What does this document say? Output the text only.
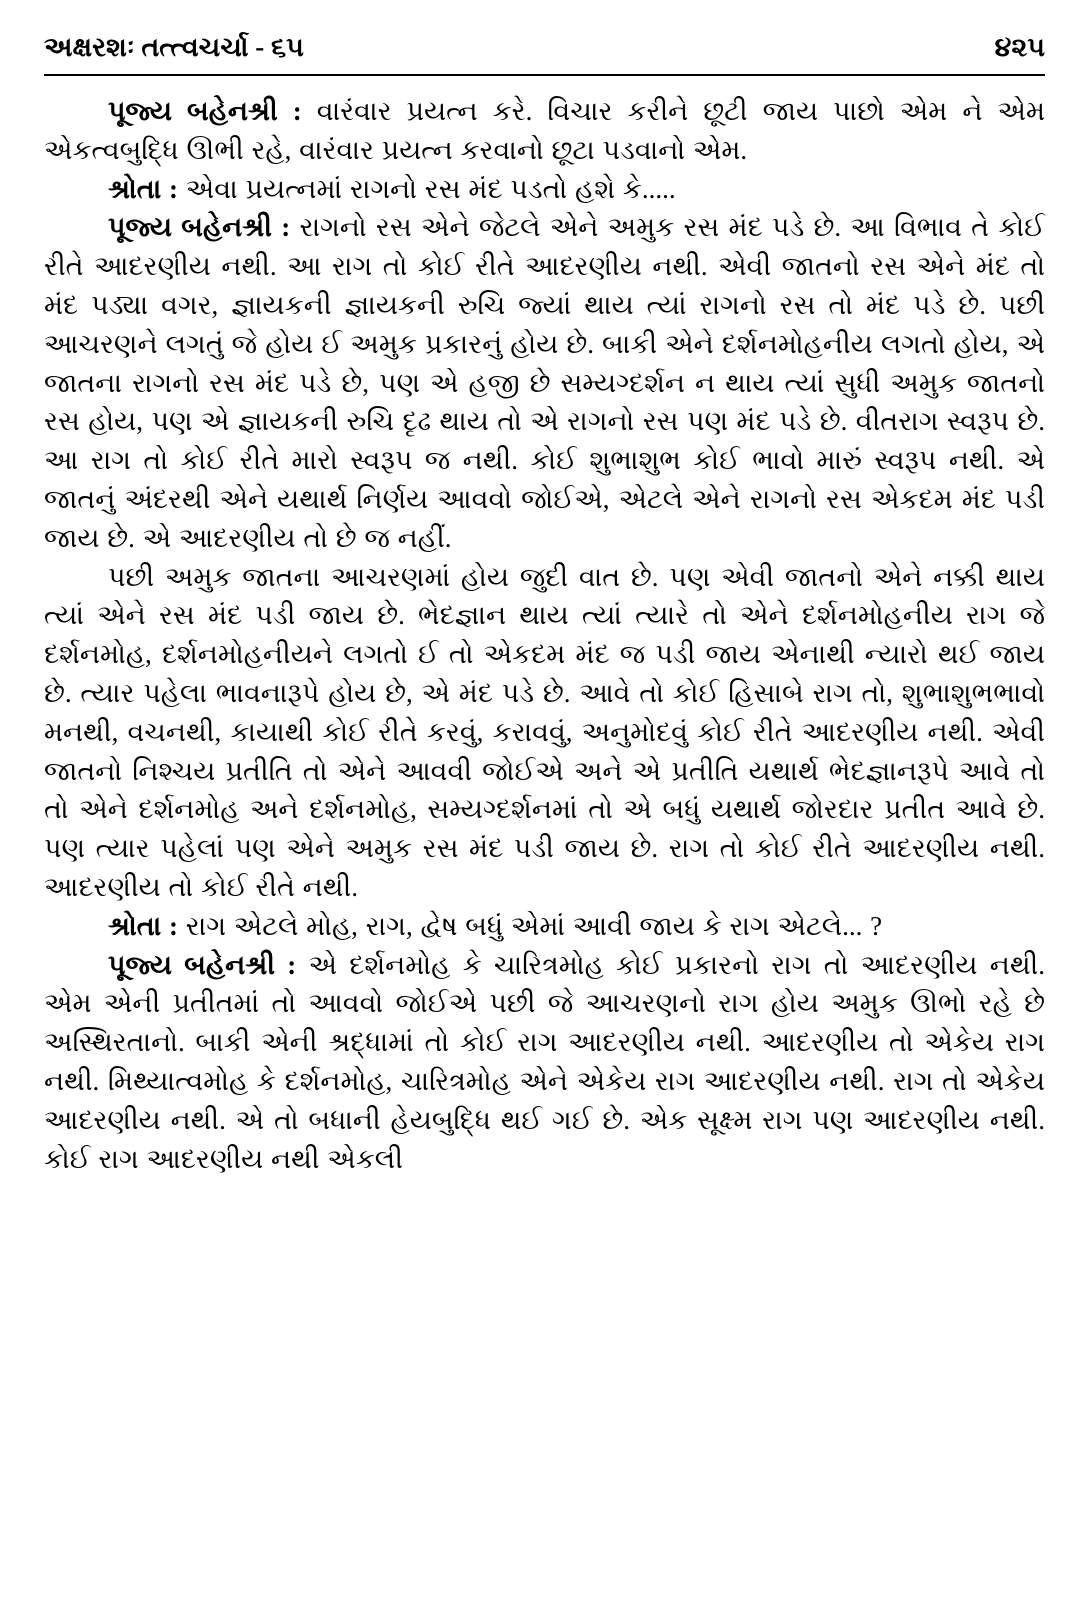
અક્ષરશઃ તત્ત્વચર્ચા - ૬૫	૪૨૫

પૂજ્ય બહેનશ્રી : વારંવાર પ્રયત્ન કરે. વિચાર કરીને છૂટી જાય પાછો એમ ને એમ એકત્વબુદ્ધિ ઊભી રહે, વારંવાર પ્રયત્ન કરવાનો છૂટા પડવાનો એમ.

શ્રોતા : એવા પ્રયત્નમાં રાગનો રસ મંદ પડતો હશે કે.....

પૂજ્ય બહેનશ્રી : રાગનો રસ એને જેટલે એને અમુક રસ મંદ પડે છે. આ વિભાવ તે કોઈ રીતે આદરણીય નથી. આ રાગ તો કોઈ રીતે આદરણીય નથી. એવી જાતનો રસ એને મંદ તો મંદ પડ્યા વગર, જ્ઞાયકની જ્ઞાયકની રુચિ જ્યાં થાય ત્યાં રાગનો રસ તો મંદ પડે છે. પછી આચરણને લગતું જે હોય ઈ અમુક પ્રકારનું હોય છે. બાકી એને દર્શનમોહનીય લગતો હોય, એ જાતના રાગનો રસ મંદ પડે છે, પણ એ હજી છે સમ્યગ્દર્શન ન થાય ત્યાં સુધી અમુક જાતનો રસ હોય, પણ એ જ્ઞાયકની રુચિ દૃઢ થાય તો એ રાગનો રસ પણ મંદ પડે છે. વીતરાગ સ્વરૂપ છે. આ રાગ તો કોઈ રીતે મારો સ્વરૂપ જ નથી. કોઈ શુભાશુભ કોઈ ભાવો મારું સ્વરૂપ નથી. એ જાતનું અંદરથી એને યથાર્થ નિર્ણય આવવો જોઈએ, એટલે એને રાગનો રસ એકદમ મંદ પડી જાય છે. એ આદરણીય તો છે જ નહીં.

પછી અમુક જાતના આચરણમાં હોય જુદી વાત છે. પણ એવી જાતનો એને નક્કી થાય ત્યાં એને રસ મંદ પડી જાય છે. ભેદજ્ઞાન થાય ત્યાં ત્યારે તો એને દર્શનમોહનીય રાગ જે દર્શનમોહ, દર્શનમોહનીયને લગતો ઈ તો એકદમ મંદ જ પડી જાય એનાથી ન્યારો થઈ જાય છે. ત્યાર પહેલા ભાવનારૂપે હોય છે, એ મંદ પડે છે. આવે તો કોઈ હિસાબે રાગ તો, શુભાશુભભાવો મનથી, વચનથી, કાયાથી કોઈ રીતે કરવું, કરાવવું, અનુમોદવું કોઈ રીતે આદરણીય નથી. એવી જાતનો નિશ્ચય પ્રતીતિ તો એને આવવી જોઈએ અને એ પ્રતીતિ યથાર્થ ભેદજ્ઞાનરૂપે આવે તો તો એને દર્શનમોહ અને દર્શનમોહ, સમ્યગ્દર્શનમાં તો એ બધું યથાર્થ જોરદાર પ્રતીત આવે છે. પણ ત્યાર પહેલાં પણ એને અમુક રસ મંદ પડી જાય છે. રાગ તો કોઈ રીતે આદરણીય નથી. આદરણીય તો કોઈ રીતે નથી.

શ્રોતા : રાગ એટલે મોહ, રાગ, દ્વેષ બધું એમાં આવી જાય કે રાગ એટલે... ?

પૂજ્ય બહેનશ્રી : એ દર્શનમોહ કે ચારિત્રમોહ કોઈ પ્રકારનો રાગ તો આદરણીય નથી. એમ એની પ્રતીતમાં તો આવવો જોઈએ પછી જે આચરણનો રાગ હોય અમુક ઊભો રહે છે અસ્થિરતાનો. બાકી એની શ્રદ્ધામાં તો કોઈ રાગ આદરણીય નથી. આદરણીય તો એકેય રાગ નથી. મિથ્યાત્વમોહ કે દર્શનમોહ, ચારિત્રમોહ એને એકેય રાગ આદરણીય નથી. રાગ તો એકેય આદરણીય નથી. એ તો બધાની હેયબુદ્ધિ થઈ ગઈ છે. એક સૂક્ષ્મ રાગ પણ આદરણીય નથી. કોઈ રાગ આદરણીય નથી એકલી
